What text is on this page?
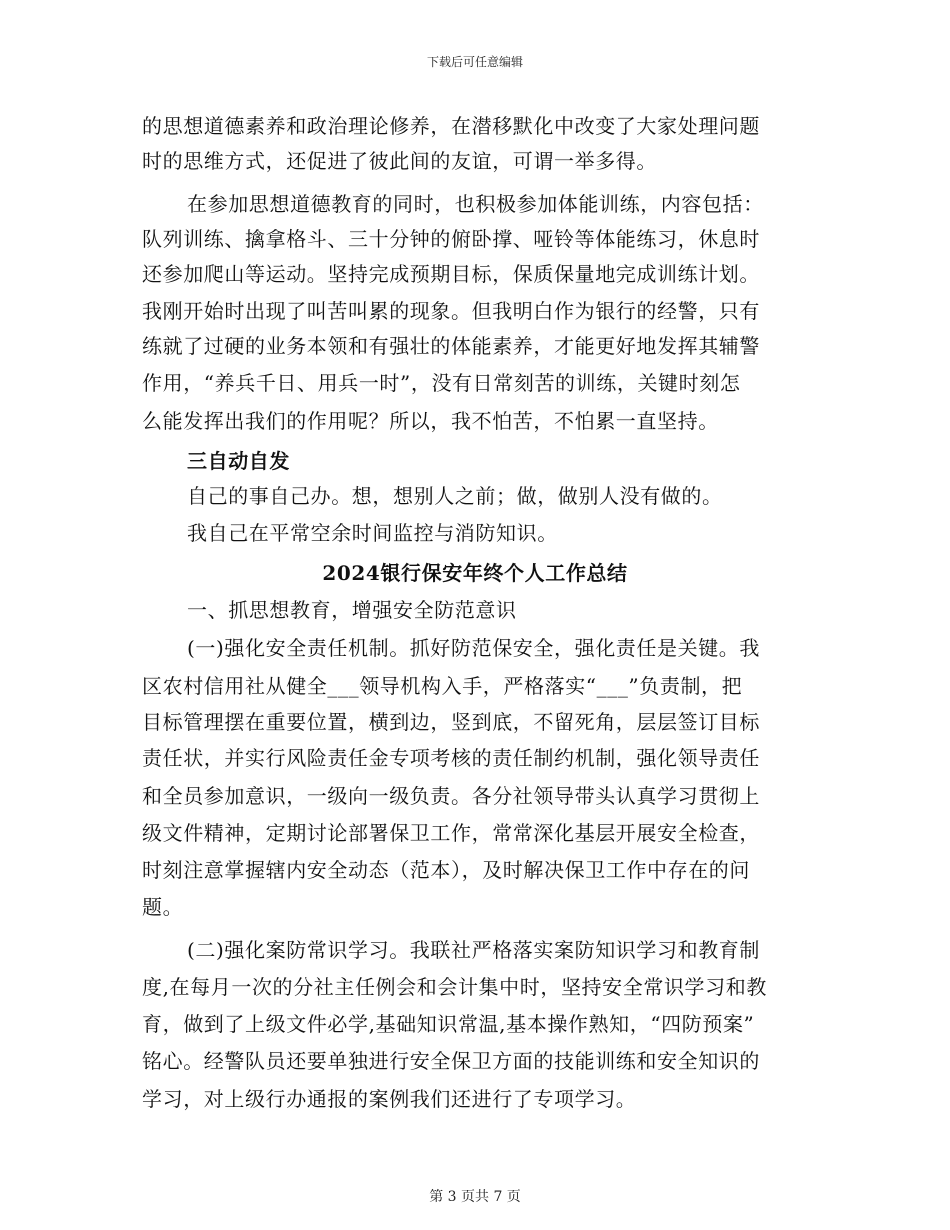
下载后可任意编辑
的思想道德素养和政治理论修养，在潜移默化中改变了大家处理问题
时的思维方式，还促进了彼此间的友谊，可谓一举多得。
在参加思想道德教育的同时，也积极参加体能训练，内容包括：
队列训练、擒拿格斗、三十分钟的俯卧撑、哑铃等体能练习，休息时
还参加爬山等运动。坚持完成预期目标，保质保量地完成训练计划。
我刚开始时出现了叫苦叫累的现象。但我明白作为银行的经警，只有
练就了过硬的业务本领和有强壮的体能素养，才能更好地发挥其辅警
作用，“养兵千日、用兵一时”，没有日常刻苦的训练，关键时刻怎
么能发挥出我们的作用呢？所以，我不怕苦，不怕累一直坚持。
三自动自发
自己的事自己办。想，想别人之前；做，做别人没有做的。
我自己在平常空余时间监控与消防知识。
2024银行保安年终个人工作总结
一、抓思想教育，增强安全防范意识
(一)强化安全责任机制。抓好防范保安全，强化责任是关键。我
区农村信用社从健全___领导机构入手，严格落实“___”负责制，把
目标管理摆在重要位置，横到边，竖到底，不留死角，层层签订目标
责任状，并实行风险责任金专项考核的责任制约机制，强化领导责任
和全员参加意识，一级向一级负责。各分社领导带头认真学习贯彻上
级文件精神，定期讨论部署保卫工作，常常深化基层开展安全检查，
时刻注意掌握辖内安全动态（范本），及时解决保卫工作中存在的问
题。
(二)强化案防常识学习。我联社严格落实案防知识学习和教育制
度,在每月一次的分社主任例会和会计集中时，坚持安全常识学习和教
育，做到了上级文件必学,基础知识常温,基本操作熟知，“四防预案”
铭心。经警队员还要单独进行安全保卫方面的技能训练和安全知识的
学习，对上级行办通报的案例我们还进行了专项学习。
第 3 页共 7 页
